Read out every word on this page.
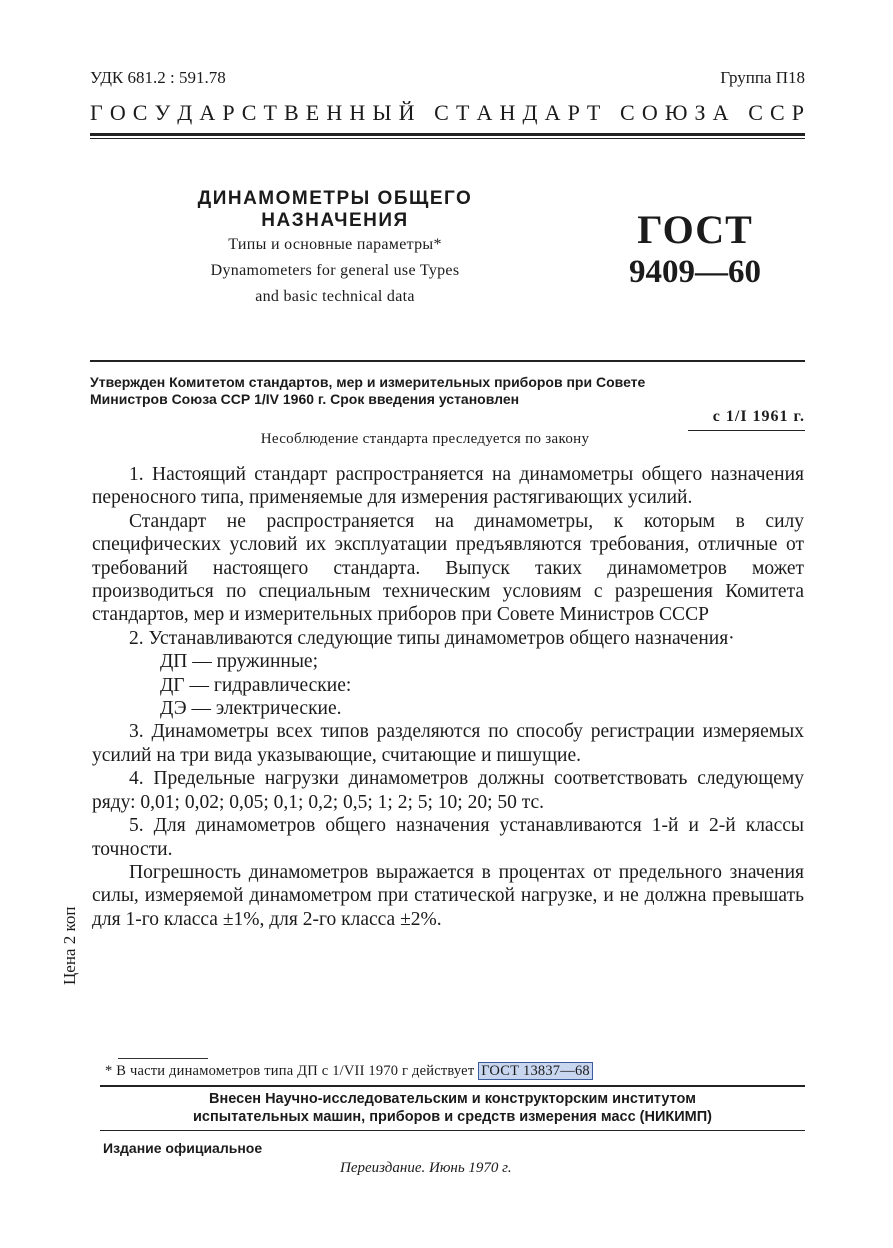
УДК 681.2 : 591.78	Группа П18
Г О С У Д А Р С Т В Е Н Н Ы Й
С Т А Н Д А Р Т
С О Ю З А
С С Р
ДИНАМОМЕТРЫ ОБЩЕГО НАЗНАЧЕНИЯ
Типы и основные параметры*
Dynamometers for general use Types
and basic technical data
ГОСТ
9409—60
Утвержден Комитетом стандартов, мер и измерительных приборов при Совете
Министров Союза ССР 1/IV 1960 г. Срок введения установлен
с 1/I 1961 г.
Несоблюдение стандарта преследуется по закону

1. Настоящий стандарт распространяется на динамометры общего назначения переносного типа, применяемые для измерения растягивающих усилий.

Стандарт не распространяется на динамометры, к которым в силу специфических условий их эксплуатации предъявляются требования, отличные от требований настоящего стандарта. Выпуск таких динамометров может производиться по специальным техническим условиям с разрешения Комитета стандартов, мер и измерительных приборов при Совете Министров СССР

2. Устанавливаются следующие типы динамометров общего назначения·

ДП — пружинные;

ДГ — гидравлические:

ДЭ — электрические.

3. Динамометры всех типов разделяются по способу регистрации измеряемых усилий на три вида указывающие, считающие и пишущие.

4. Предельные нагрузки динамометров должны соответствовать следующему ряду: 0,01; 0,02; 0,05; 0,1; 0,2; 0,5; 1; 2; 5; 10; 20; 50 тс.

5. Для динамометров общего назначения устанавливаются 1-й и 2-й классы точности.

Погрешность динамометров выражается в процентах от предельного значения силы, измеряемой динамометром при статической нагрузке, и не должна превышать для 1-го класса ±1%, для 2-го класса ±2%.

Цена 2 коп
* В части динамометров типа ДП с 1/VII 1970 г действует ГОСТ 13837—68
Внесен Научно-исследовательским и конструкторским институтом
испытательных машин, приборов и средств измерения масс (НИКИМП)
Издание официальное
Переиздание. Июнь 1970 г.
